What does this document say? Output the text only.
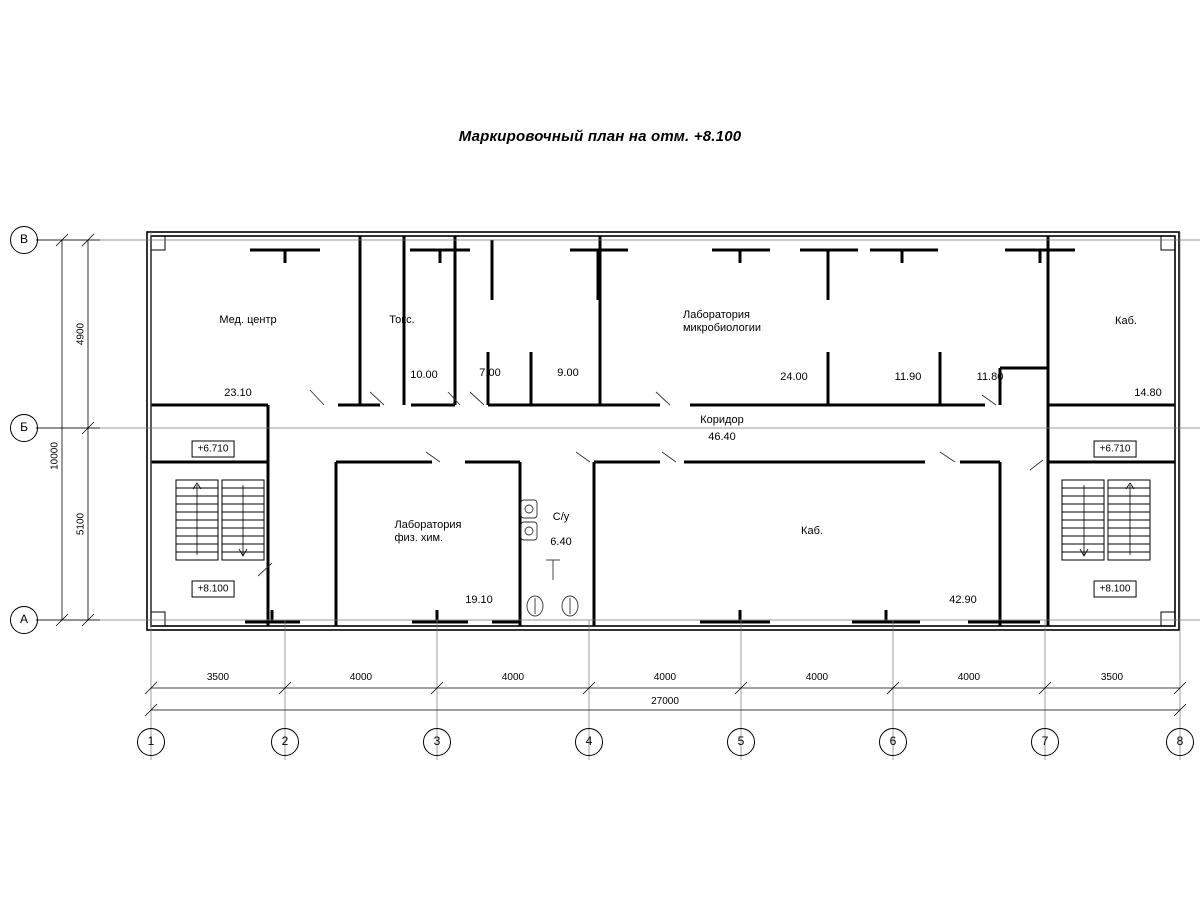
Маркировочный план на отм. +8.100
В
Б
А
1	2	3	4	5	6	7	8
3500	4000	4000	4000	4000	4000	3500
27000
4900
5100
10000
Мед. центр	Токс.	Лаборатория
микробиологии
Каб.
Коридор
Лаборатория
физ. хим.
С/у
Каб.
23.10
10.00	7.00	9.00	24.00	11.90	11.80
14.80
46.40
19.10
6.40
42.90
+6.710
+8.100
+6.710
+8.100
